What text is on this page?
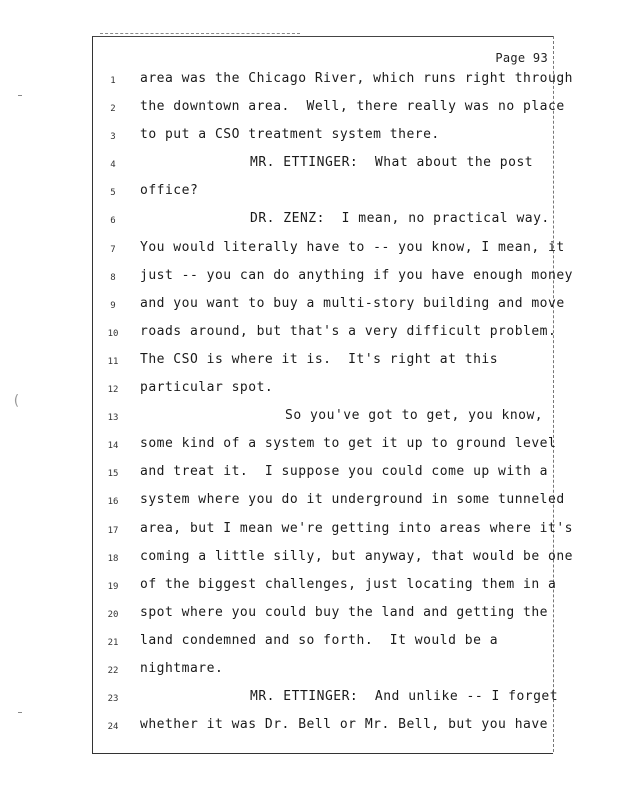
(
Page 93
1	area was the Chicago River, which runs right through
2	the downtown area.  Well, there really was no place
3	to put a CSO treatment system there.
4	MR. ETTINGER:  What about the post
5	office?
6	DR. ZENZ:  I mean, no practical way.
7	You would literally have to -- you know, I mean, it
8	just -- you can do anything if you have enough money
9	and you want to buy a multi-story building and move
10	roads around, but that's a very difficult problem.
11	The CSO is where it is.  It's right at this
12	particular spot.
13	So you've got to get, you know,
14	some kind of a system to get it up to ground level
15	and treat it.  I suppose you could come up with a
16	system where you do it underground in some tunneled
17	area, but I mean we're getting into areas where it's
18	coming a little silly, but anyway, that would be one
19	of the biggest challenges, just locating them in a
20	spot where you could buy the land and getting the
21	land condemned and so forth.  It would be a
22	nightmare.
23	MR. ETTINGER:  And unlike -- I forget
24	whether it was Dr. Bell or Mr. Bell, but you have
